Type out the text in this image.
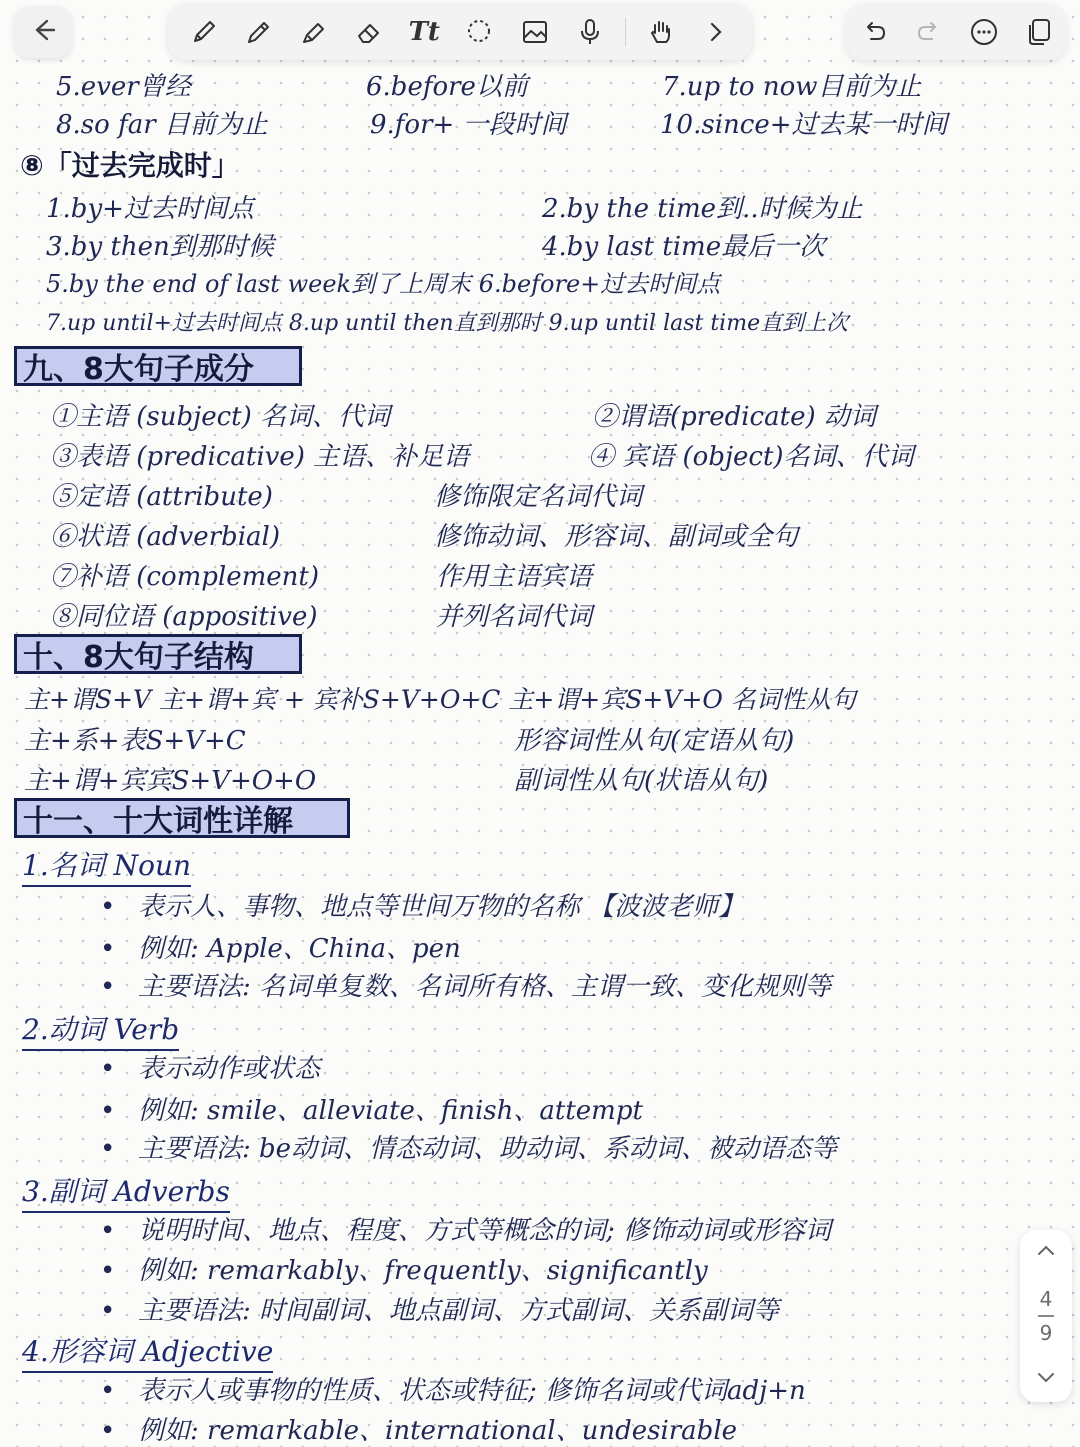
Tt
5.ever曾经	6.before以前	7.up to now目前为止
8.so far 目前为止	9.for+ 一段时间	10.since+过去某一时间
⑧「过去完成时」
1.by+过去时间点	2.by the time到..时候为止
3.by then到那时候	4.by last time最后一次
5.by the end of last week到了上周末 6.before+过去时间点
7.up until+过去时间点 8.up until then直到那时 9.up until last time直到上次
九、8大句子成分
①主语 (subject) 名词、代词	②谓语(predicate) 动词
③表语 (predicative) 主语、补足语	④ 宾语 (object)名词、代词
⑤定语 (attribute)	修饰限定名词代词
⑥状语 (adverbial)	修饰动词、形容词、副词或全句
⑦补语 (complement)	作用主语宾语
⑧同位语 (appositive)	并列名词代词
十、8大句子结构
主+谓S+V 主+谓+宾 + 宾补S+V+O+C 主+谓+宾S+V+O 名词性从句
主+系+表S+V+C	形容词性从句(定语从句)
主+谓+宾宾S+V+O+O	副词性从句(状语从句)
十一、十大词性详解
1.名词 Noun
• 表示人、事物、地点等世间万物的名称 【波波老师】
• 例如: Apple、China、pen
• 主要语法: 名词单复数、名词所有格、主谓一致、变化规则等
2.动词 Verb
• 表示动作或状态
• 例如: smile、alleviate、finish、attempt
• 主要语法: be动词、情态动词、助动词、系动词、被动语态等
3.副词 Adverbs
• 说明时间、地点、程度、方式等概念的词; 修饰动词或形容词
• 例如: remarkably、frequently、significantly
• 主要语法: 时间副词、地点副词、方式副词、关系副词等
4.形容词 Adjective
• 表示人或事物的性质、状态或特征; 修饰名词或代词adj+n
• 例如: remarkable、international、undesirable
4
9
